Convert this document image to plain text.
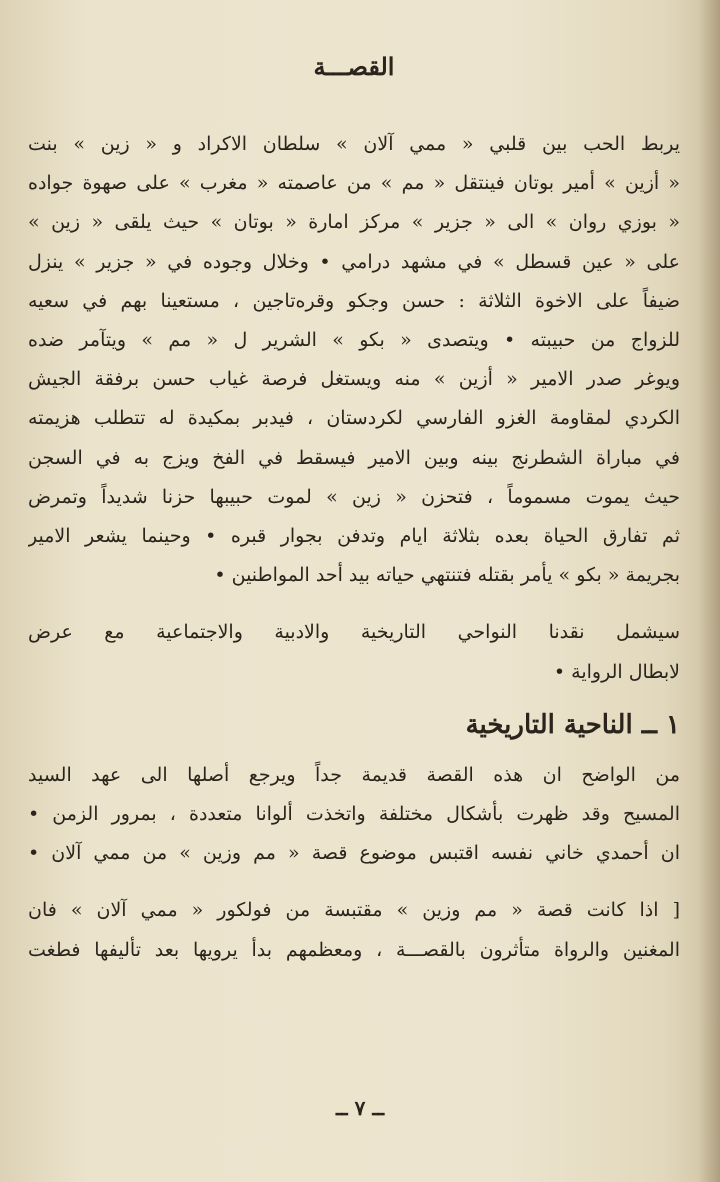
القصـــة
يربط الحب بين قلبي « ممي آلان » سلطان الاكراد و « زين » بنت
« أزين » أمير بوتان فينتقل « مم » من عاصمته « مغرب » على صهوة جواده
« بوزي روان » الى « جزير » مركز امارة « بوتان » حيث يلقى « زين »
على « عين قسطل » في مشهد درامي • وخلال وجوده في « جزير » ينزل
ضيفاً على الاخوة الثلاثة : حسن وجكو وقره‌تاجين ، مستعينا بهم في سعيه
للزواج من حبيبته • ويتصدى « بكو » الشرير ل « مم » ويتآمر ضده
ويوغر صدر الامير « أزين » منه ويستغل فرصة غياب حسن برفقة الجيش
الكردي لمقاومة الغزو الفارسي لكردستان ، فيدبر بمكيدة له تتطلب هزيمته
في مباراة الشطرنج بينه وبين الامير فيسقط في الفخ ويزج به في السجن
حيث يموت مسموماً ، فتحزن « زين » لموت حبيبها حزنا شديداً وتمرض
ثم تفارق الحياة بعده بثلاثة ايام وتدفن بجوار قبره • وحينما يشعر الامير
بجريمة « بكو » يأمر بقتله فتنتهي حياته بيد أحد المواطنين •
سيشمل نقدنا النواحي التاريخية والادبية والاجتماعية مع عرض
لابطال الرواية •
١ ــ الناحية التاريخية
من الواضح ان هذه القصة قديمة جداً ويرجع أصلها الى عهد السيد
المسيح وقد ظهرت بأشكال مختلفة واتخذت ألوانا متعددة ، بمرور الزمن •
ان أحمدي خاني نفسه اقتبس موضوع قصة « مم وزين » من ممي آلان •
[ اذا كانت قصة « مم وزين » مقتبسة من فولكور « ممي آلان » فان
المغنين والرواة متأثرون بالقصـــة ، ومعظمهم بدأ يرويها بعد تأليفها فطغت
ــ ٧ ــ
